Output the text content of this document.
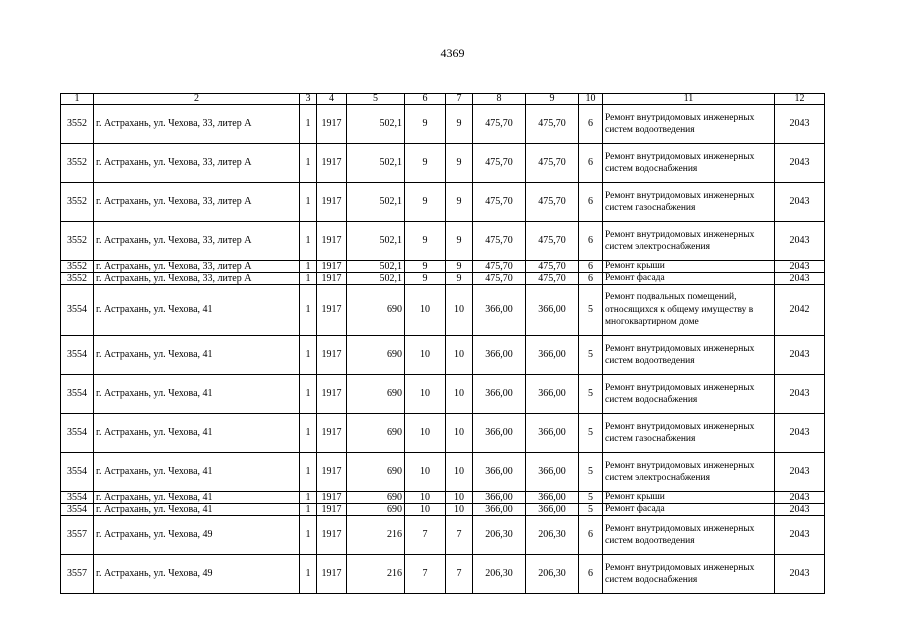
4369
1	2	3	4	5	6	7	8	9	10	11	12
3552	г. Астрахань, ул. Чехова, 33, литер А	1	1917	502,1	9	9	475,70	475,70	6	Ремонт внутридомовых инженерных систем водоотведения	2043
3552	г. Астрахань, ул. Чехова, 33, литер А	1	1917	502,1	9	9	475,70	475,70	6	Ремонт внутридомовых инженерных систем водоснабжения	2043
3552	г. Астрахань, ул. Чехова, 33, литер А	1	1917	502,1	9	9	475,70	475,70	6	Ремонт внутридомовых инженерных систем газоснабжения	2043
3552	г. Астрахань, ул. Чехова, 33, литер А	1	1917	502,1	9	9	475,70	475,70	6	Ремонт внутридомовых инженерных систем электроснабжения	2043
3552	г. Астрахань, ул. Чехова, 33, литер А	1	1917	502,1	9	9	475,70	475,70	6	Ремонт крыши	2043
3552	г. Астрахань, ул. Чехова, 33, литер А	1	1917	502,1	9	9	475,70	475,70	6	Ремонт фасада	2043
3554	г. Астрахань, ул. Чехова, 41	1	1917	690	10	10	366,00	366,00	5	Ремонт подвальных помещений, относящихся к общему имуществу в многоквартирном доме	2042
3554	г. Астрахань, ул. Чехова, 41	1	1917	690	10	10	366,00	366,00	5	Ремонт внутридомовых инженерных систем водоотведения	2043
3554	г. Астрахань, ул. Чехова, 41	1	1917	690	10	10	366,00	366,00	5	Ремонт внутридомовых инженерных систем водоснабжения	2043
3554	г. Астрахань, ул. Чехова, 41	1	1917	690	10	10	366,00	366,00	5	Ремонт внутридомовых инженерных систем газоснабжения	2043
3554	г. Астрахань, ул. Чехова, 41	1	1917	690	10	10	366,00	366,00	5	Ремонт внутридомовых инженерных систем электроснабжения	2043
3554	г. Астрахань, ул. Чехова, 41	1	1917	690	10	10	366,00	366,00	5	Ремонт крыши	2043
3554	г. Астрахань, ул. Чехова, 41	1	1917	690	10	10	366,00	366,00	5	Ремонт фасада	2043
3557	г. Астрахань, ул. Чехова, 49	1	1917	216	7	7	206,30	206,30	6	Ремонт внутридомовых инженерных систем водоотведения	2043
3557	г. Астрахань, ул. Чехова, 49	1	1917	216	7	7	206,30	206,30	6	Ремонт внутридомовых инженерных систем водоснабжения	2043
